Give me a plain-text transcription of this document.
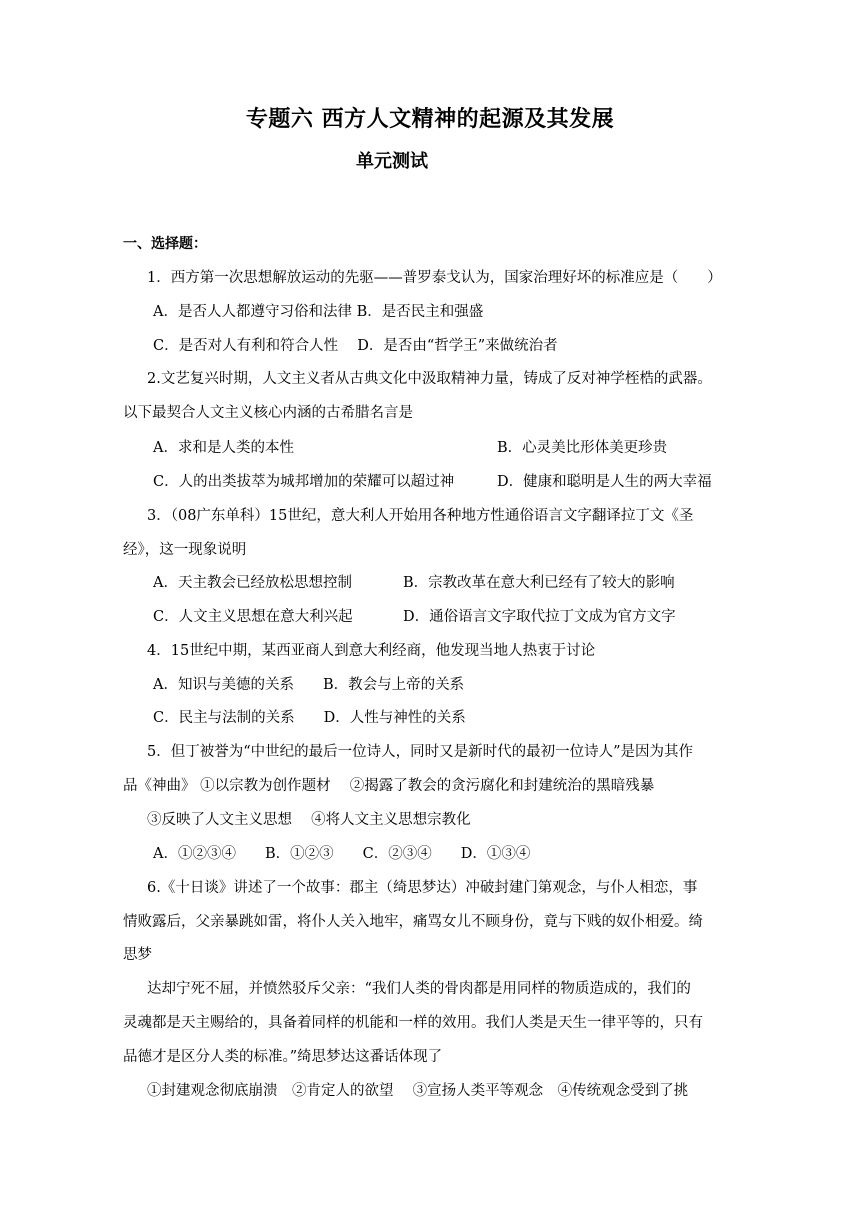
专题六 西方人文精神的起源及其发展
单元测试
一、选择题：
1．西方第一次思想解放运动的先驱——普罗泰戈认为，国家治理好坏的标准应是（　　）
A．是否人人都遵守习俗和法律 B．是否民主和强盛
C．是否对人有利和符合人性　 D．是否由“哲学王”来做统治者
2.文艺复兴时期，人文主义者从古典文化中汲取精神力量，铸成了反对神学桎梏的武器。
以下最契合人文主义核心内涵的古希腊名言是
A．求和是人类的本性	B．心灵美比形体美更珍贵
C．人的出类拔萃为城邦增加的荣耀可以超过神	D．健康和聪明是人生的两大幸福
3．（08广东单科）15世纪，意大利人开始用各种地方性通俗语言文字翻译拉丁文《圣
经》，这一现象说明
A．天主教会已经放松思想控制	B．宗教改革在意大利已经有了较大的影响
C．人文主义思想在意大利兴起	D．通俗语言文字取代拉丁文成为官方文字
4．15世纪中期，某西亚商人到意大利经商，他发现当地人热衷于讨论
A．知识与美德的关系　　B．教会与上帝的关系
C．民主与法制的关系　　D．人性与神性的关系
5．但丁被誉为“中世纪的最后一位诗人，同时又是新时代的最初一位诗人”是因为其作
品《神曲》 ①以宗教为创作题材　 ②揭露了教会的贪污腐化和封建统治的黑暗残暴
③反映了人文主义思想　 ④将人文主义思想宗教化
A．①②③④　　B．①②③　　C．②③④　　D．①③④
6.《十日谈》讲述了一个故事：郡主（绮思梦达）冲破封建门第观念，与仆人相恋，事
情败露后，父亲暴跳如雷，将仆人关入地牢，痛骂女儿不顾身份，竟与下贱的奴仆相爱。绮
思梦
达却宁死不屈，并愤然驳斥父亲：“我们人类的骨肉都是用同样的物质造成的，我们的
灵魂都是天主赐给的，具备着同样的机能和一样的效用。我们人类是天生一律平等的，只有
品德才是区分人类的标准。”绮思梦达这番话体现了
①封建观念彻底崩溃　②肯定人的欲望　 ③宣扬人类平等观念　④传统观念受到了挑
